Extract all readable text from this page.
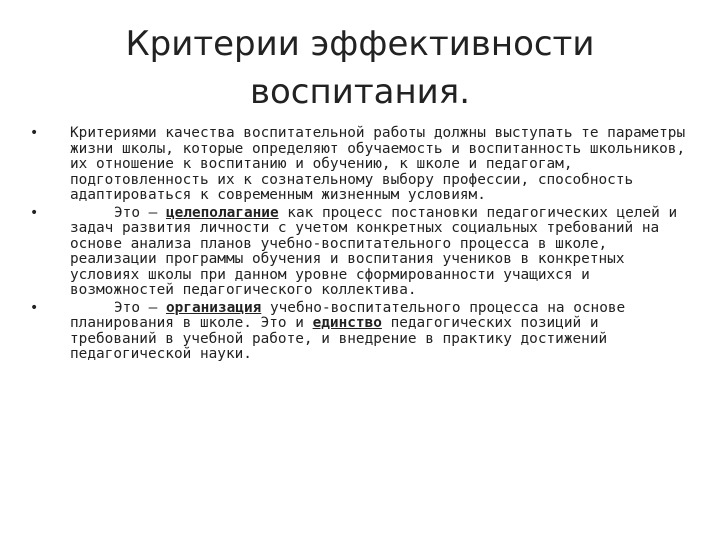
Критерии эффективности воспитания.
• Критериями качества воспитательной работы должны выступать те параметры жизни школы, которые определяют обучаемость и воспитанность школьников, их отношение к воспитанию и обучению, к школе и педагогам, подготовленность их к сознательному выбору профессии, способность адаптироваться к современным жизненным условиям.
•	Это – целеполагание как процесс постановки педагогических целей и задач развития личности с учетом конкретных социальных требований на основе анализа планов учебно-воспитательного процесса в школе, реализации программы обучения и воспитания учеников в конкретных условиях школы при данном уровне сформированности учащихся и возможностей педагогического коллектива.
•	Это – организация учебно-воспитательного процесса на основе планирования в школе. Это и единство педагогических позиций и требований в учебной работе, и внедрение в практику достижений педагогической науки.
